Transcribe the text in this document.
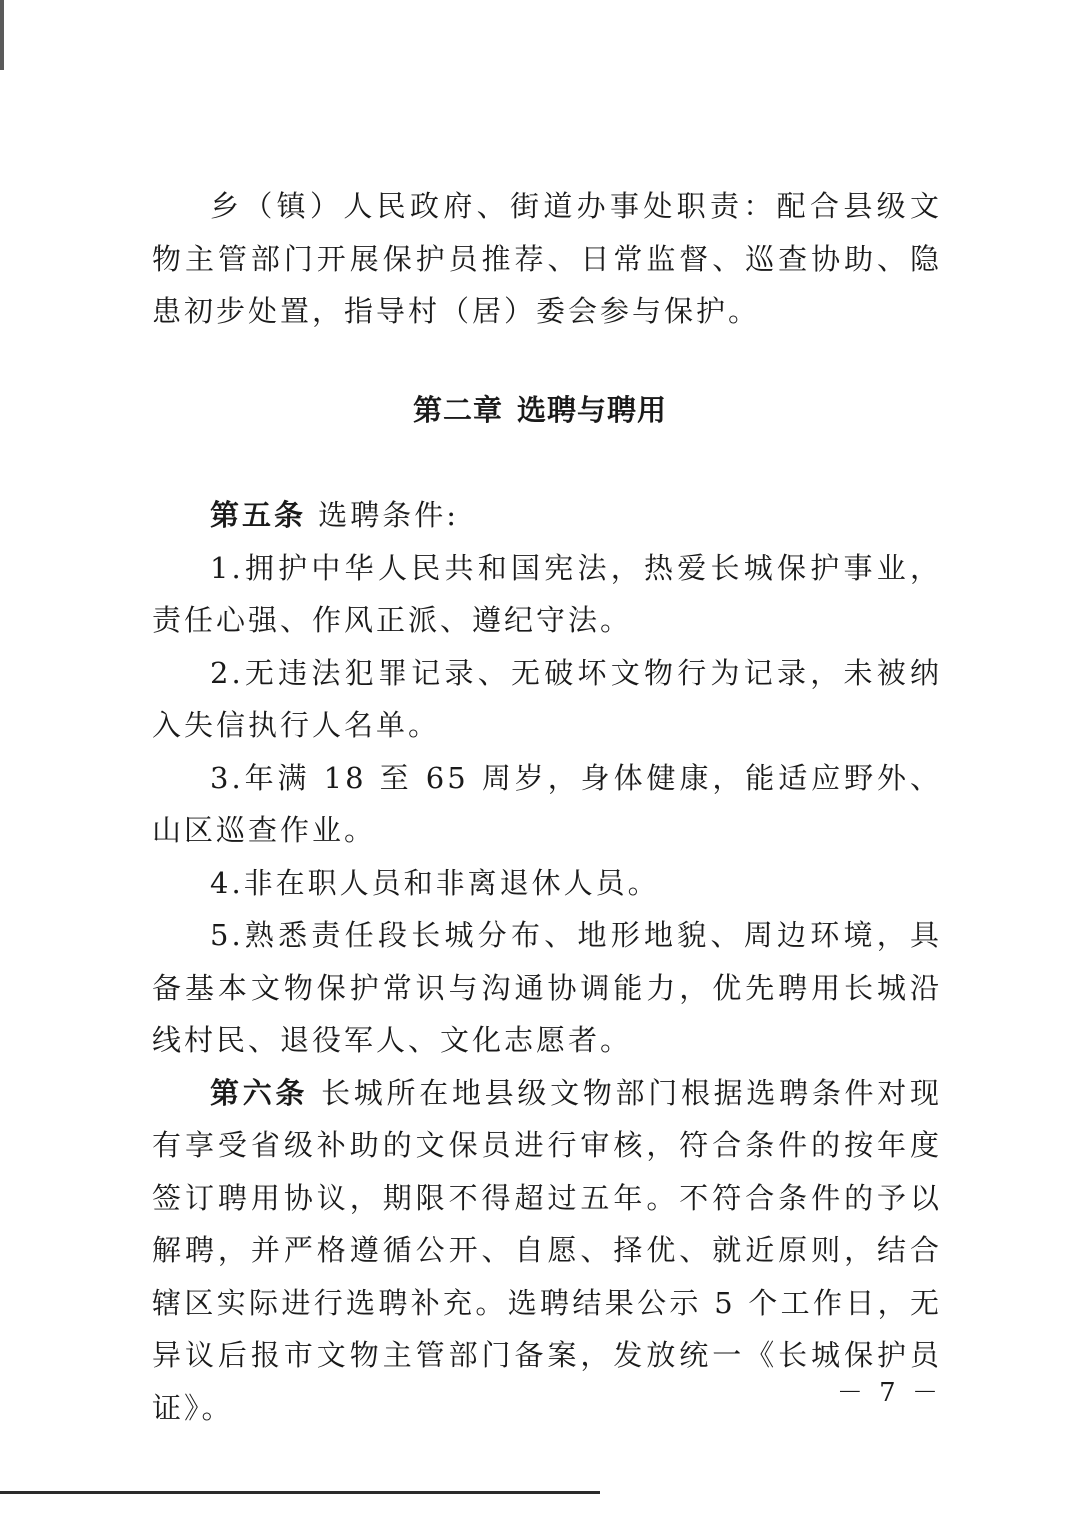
乡（镇）人民政府、街道办事处职责：配合县级文物主管部门开展保护员推荐、日常监督、巡查协助、隐患初步处置，指导村（居）委会参与保护。

第二章 选聘与聘用

第五条 选聘条件:

1.拥护中华人民共和国宪法，热爱长城保护事业，责任心强、作风正派、遵纪守法。

2.无违法犯罪记录、无破坏文物行为记录，未被纳入失信执行人名单。

3.年满 18 至 65 周岁，身体健康，能适应野外、山区巡查作业。

4.非在职人员和非离退休人员。

5.熟悉责任段长城分布、地形地貌、周边环境，具备基本文物保护常识与沟通协调能力，优先聘用长城沿线村民、退役军人、文化志愿者。

第六条 长城所在地县级文物部门根据选聘条件对现有享受省级补助的文保员进行审核，符合条件的按年度签订聘用协议，期限不得超过五年。不符合条件的予以解聘，并严格遵循公开、自愿、择优、就近原则，结合辖区实际进行选聘补充。选聘结果公示 5 个工作日，无异议后报市文物主管部门备案，发放统一《长城保护员证》。	－ 7 －
